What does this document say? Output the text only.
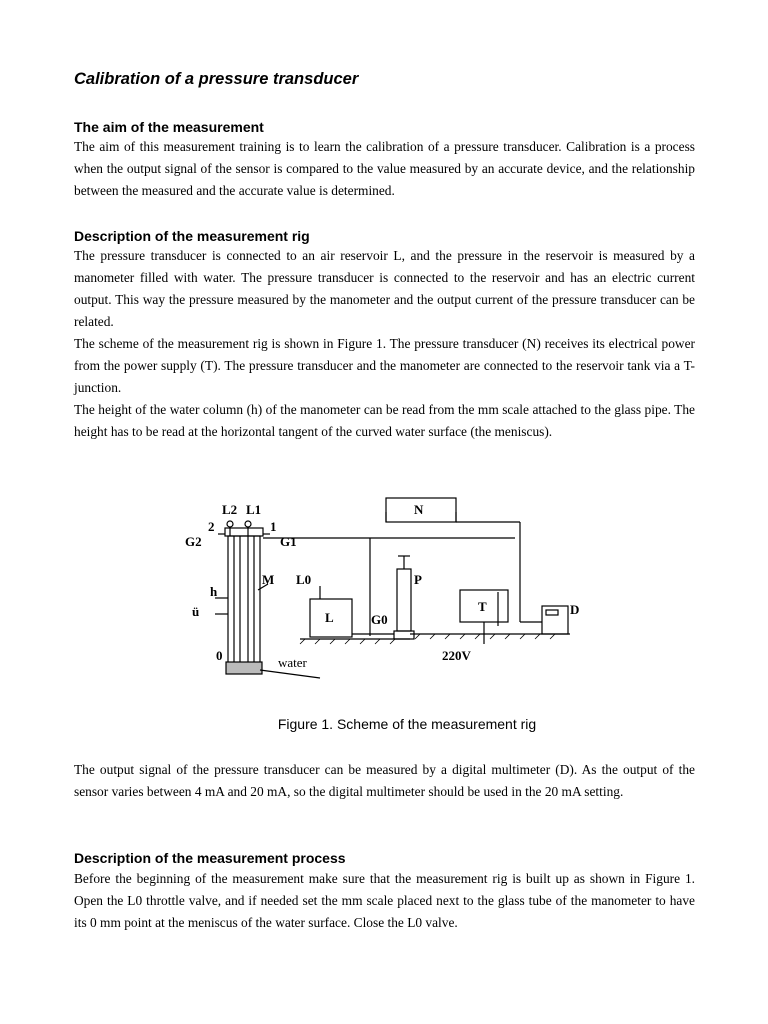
Calibration of a pressure transducer
The aim of the measurement

The aim of this measurement training is to learn the calibration of a pressure transducer. Calibration is a process when the output signal of the sensor is compared to the value measured by an accurate device, and the relationship between the measured and the accurate value is determined.

Description of the measurement rig

The pressure transducer is connected to an air reservoir L, and the pressure in the reservoir is measured by a manometer filled with water. The pressure transducer is connected to the reservoir and has an electric current output. This way the pressure measured by the manometer and the output current of the pressure transducer can be related.

The scheme of the measurement rig is shown in Figure 1. The pressure transducer (N) receives its electrical power from the power supply (T). The pressure transducer and the manometer are connected to the reservoir tank via a T-junction.

The height of the water column (h) of the manometer can be read from the mm scale attached to the glass pipe. The height has to be read at the horizontal tangent of the curved water surface (the meniscus).

L2 L1
2	1
G2	G1
N
M L0	P
h
ü	L	G0
T	D
0	water	220V

Figure 1. Scheme of the measurement rig

The output signal of the pressure transducer can be measured by a digital multimeter (D). As the output of the sensor varies between 4 mA and 20 mA, so the digital multimeter should be used in the 20 mA setting.

Description of the measurement process

Before the beginning of the measurement make sure that the measurement rig is built up as shown in Figure 1. Open the L0 throttle valve, and if needed set the mm scale placed next to the glass tube of the manometer to have its 0 mm point at the meniscus of the water surface. Close the L0 valve.
